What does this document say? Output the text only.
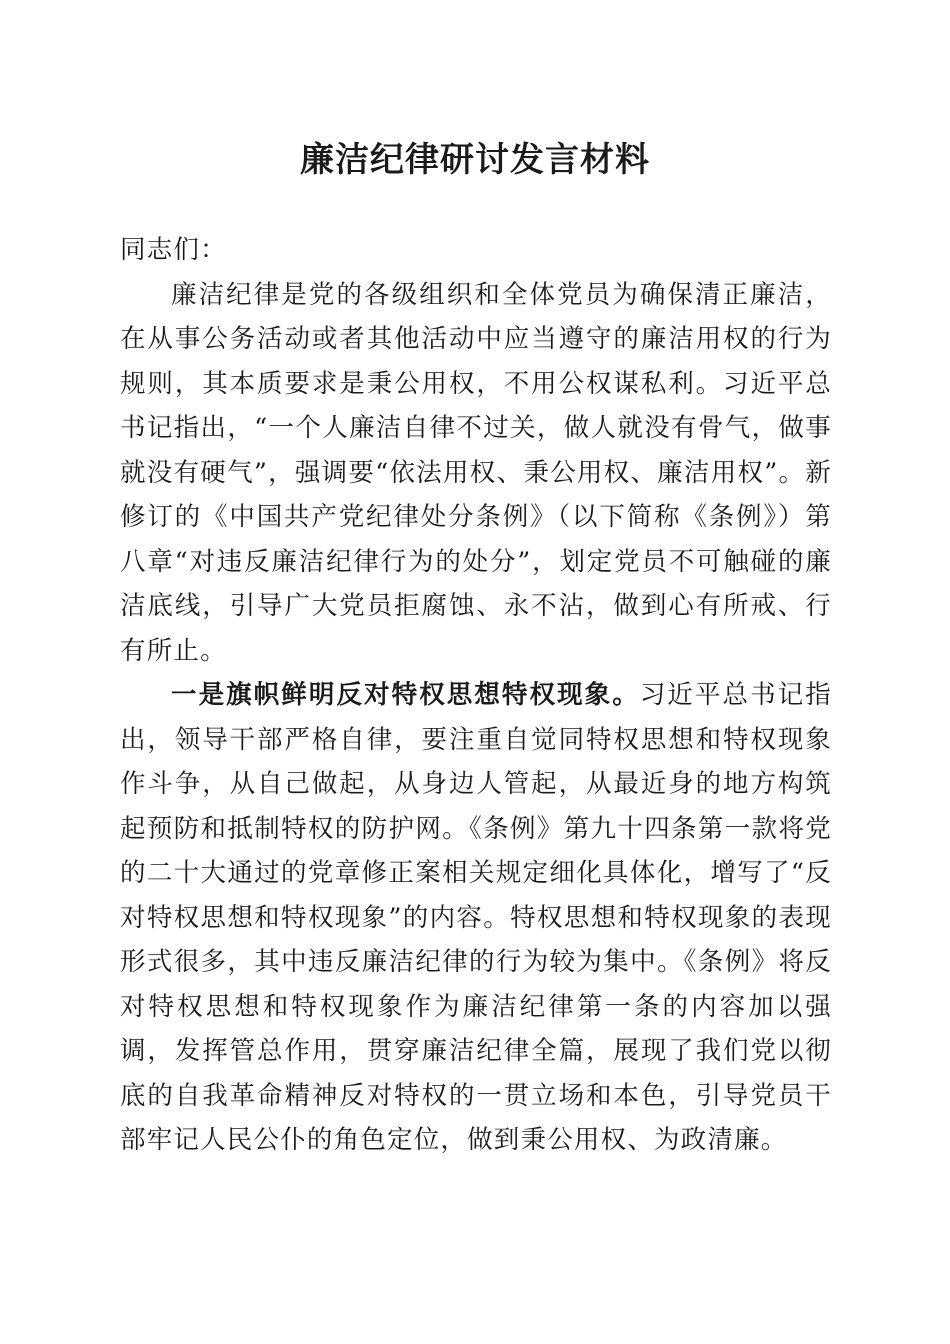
廉洁纪律研讨发言材料

同志们：

廉洁纪律是党的各级组织和全体党员为确保清正廉洁，在从事公务活动或者其他活动中应当遵守的廉洁用权的行为规则，其本质要求是秉公用权，不用公权谋私利。习近平总书记指出，“一个人廉洁自律不过关，做人就没有骨气，做事就没有硬气”，强调要“依法用权、秉公用权、廉洁用权”。新修订的《中国共产党纪律处分条例》（以下简称《条例》）第八章“对违反廉洁纪律行为的处分”，划定党员不可触碰的廉洁底线，引导广大党员拒腐蚀、永不沾，做到心有所戒、行有所止。

一是旗帜鲜明反对特权思想特权现象。习近平总书记指出，领导干部严格自律，要注重自觉同特权思想和特权现象作斗争，从自己做起，从身边人管起，从最近身的地方构筑起预防和抵制特权的防护网。《条例》第九十四条第一款将党的二十大通过的党章修正案相关规定细化具体化，增写了“反对特权思想和特权现象”的内容。特权思想和特权现象的表现形式很多，其中违反廉洁纪律的行为较为集中。《条例》将反对特权思想和特权现象作为廉洁纪律第一条的内容加以强调，发挥管总作用，贯穿廉洁纪律全篇，展现了我们党以彻底的自我革命精神反对特权的一贯立场和本色，引导党员干部牢记人民公仆的角色定位，做到秉公用权、为政清廉。
